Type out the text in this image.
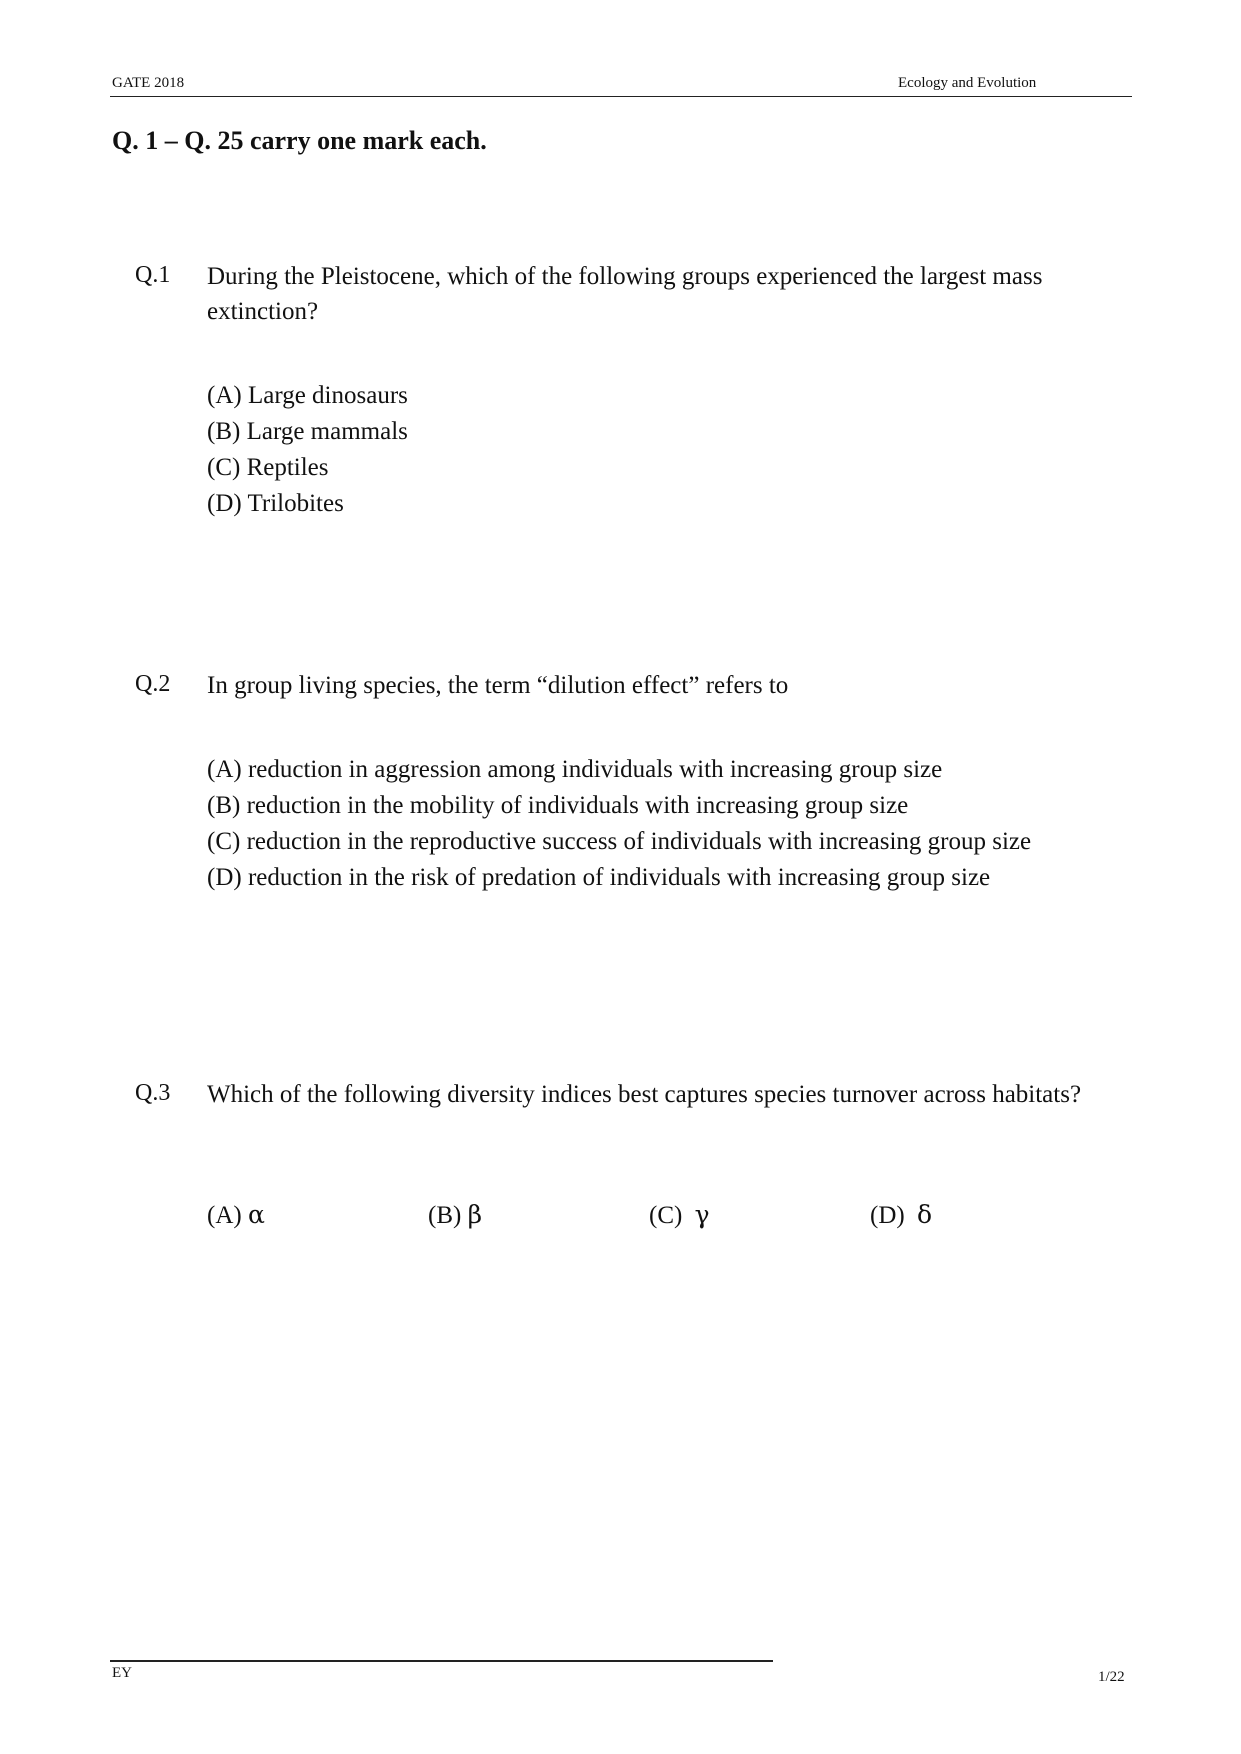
GATE 2018	Ecology and Evolution
Q. 1 – Q. 25 carry one mark each.
Q.1 During the Pleistocene, which of the following groups experienced the largest mass extinction?
(A) Large dinosaurs
(B) Large mammals
(C) Reptiles
(D) Trilobites
Q.2 In group living species, the term “dilution effect” refers to
(A) reduction in aggression among individuals with increasing group size
(B) reduction in the mobility of individuals with increasing group size
(C) reduction in the reproductive success of individuals with increasing group size
(D) reduction in the risk of predation of individuals with increasing group size
Q.3 Which of the following diversity indices best captures species turnover across habitats?
(A) α	(B) β	(C) γ	(D) δ
EY	1/22
